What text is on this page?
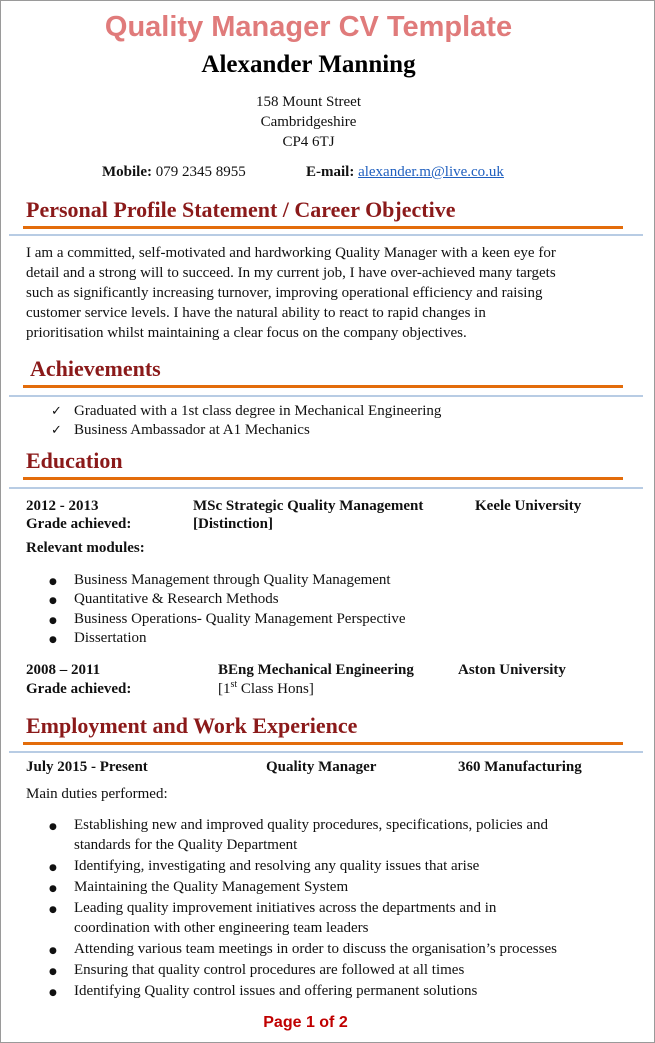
Quality Manager CV Template
Alexander Manning
158 Mount Street
Cambridgeshire
CP4 6TJ
Mobile: 079 2345 8955	E-mail: alexander.m@live.co.uk
Personal Profile Statement / Career Objective
I am a committed, self-motivated and hardworking Quality Manager with a keen eye for
detail and a strong will to succeed. In my current job, I have over-achieved many targets
such as significantly increasing turnover, improving operational efficiency and raising
customer service levels. I have the natural ability to react to rapid changes in
prioritisation whilst maintaining a clear focus on the company objectives.
Achievements
✓
Graduated with a 1st class degree in Mechanical Engineering
✓
Business Ambassador at A1 Mechanics
Education
2012 - 2013	MSc Strategic Quality Management	Keele University
Grade achieved:	[Distinction]
Relevant modules:
●
Business Management through Quality Management
●
Quantitative & Research Methods
●
Business Operations- Quality Management Perspective
●
Dissertation
2008 – 2011	BEng Mechanical Engineering	Aston University
Grade achieved:	[1st Class Hons]
Employment and Work Experience
July 2015 - Present	Quality Manager	360 Manufacturing
Main duties performed:
●
Establishing new and improved quality procedures, specifications, policies and
standards for the Quality Department
●
Identifying, investigating and resolving any quality issues that arise
●
Maintaining the Quality Management System
●
Leading quality improvement initiatives across the departments and in
coordination with other engineering team leaders
●
Attending various team meetings in order to discuss the organisation’s processes
●
Ensuring that quality control procedures are followed at all times
●
Identifying Quality control issues and offering permanent solutions
Page 1 of 2
